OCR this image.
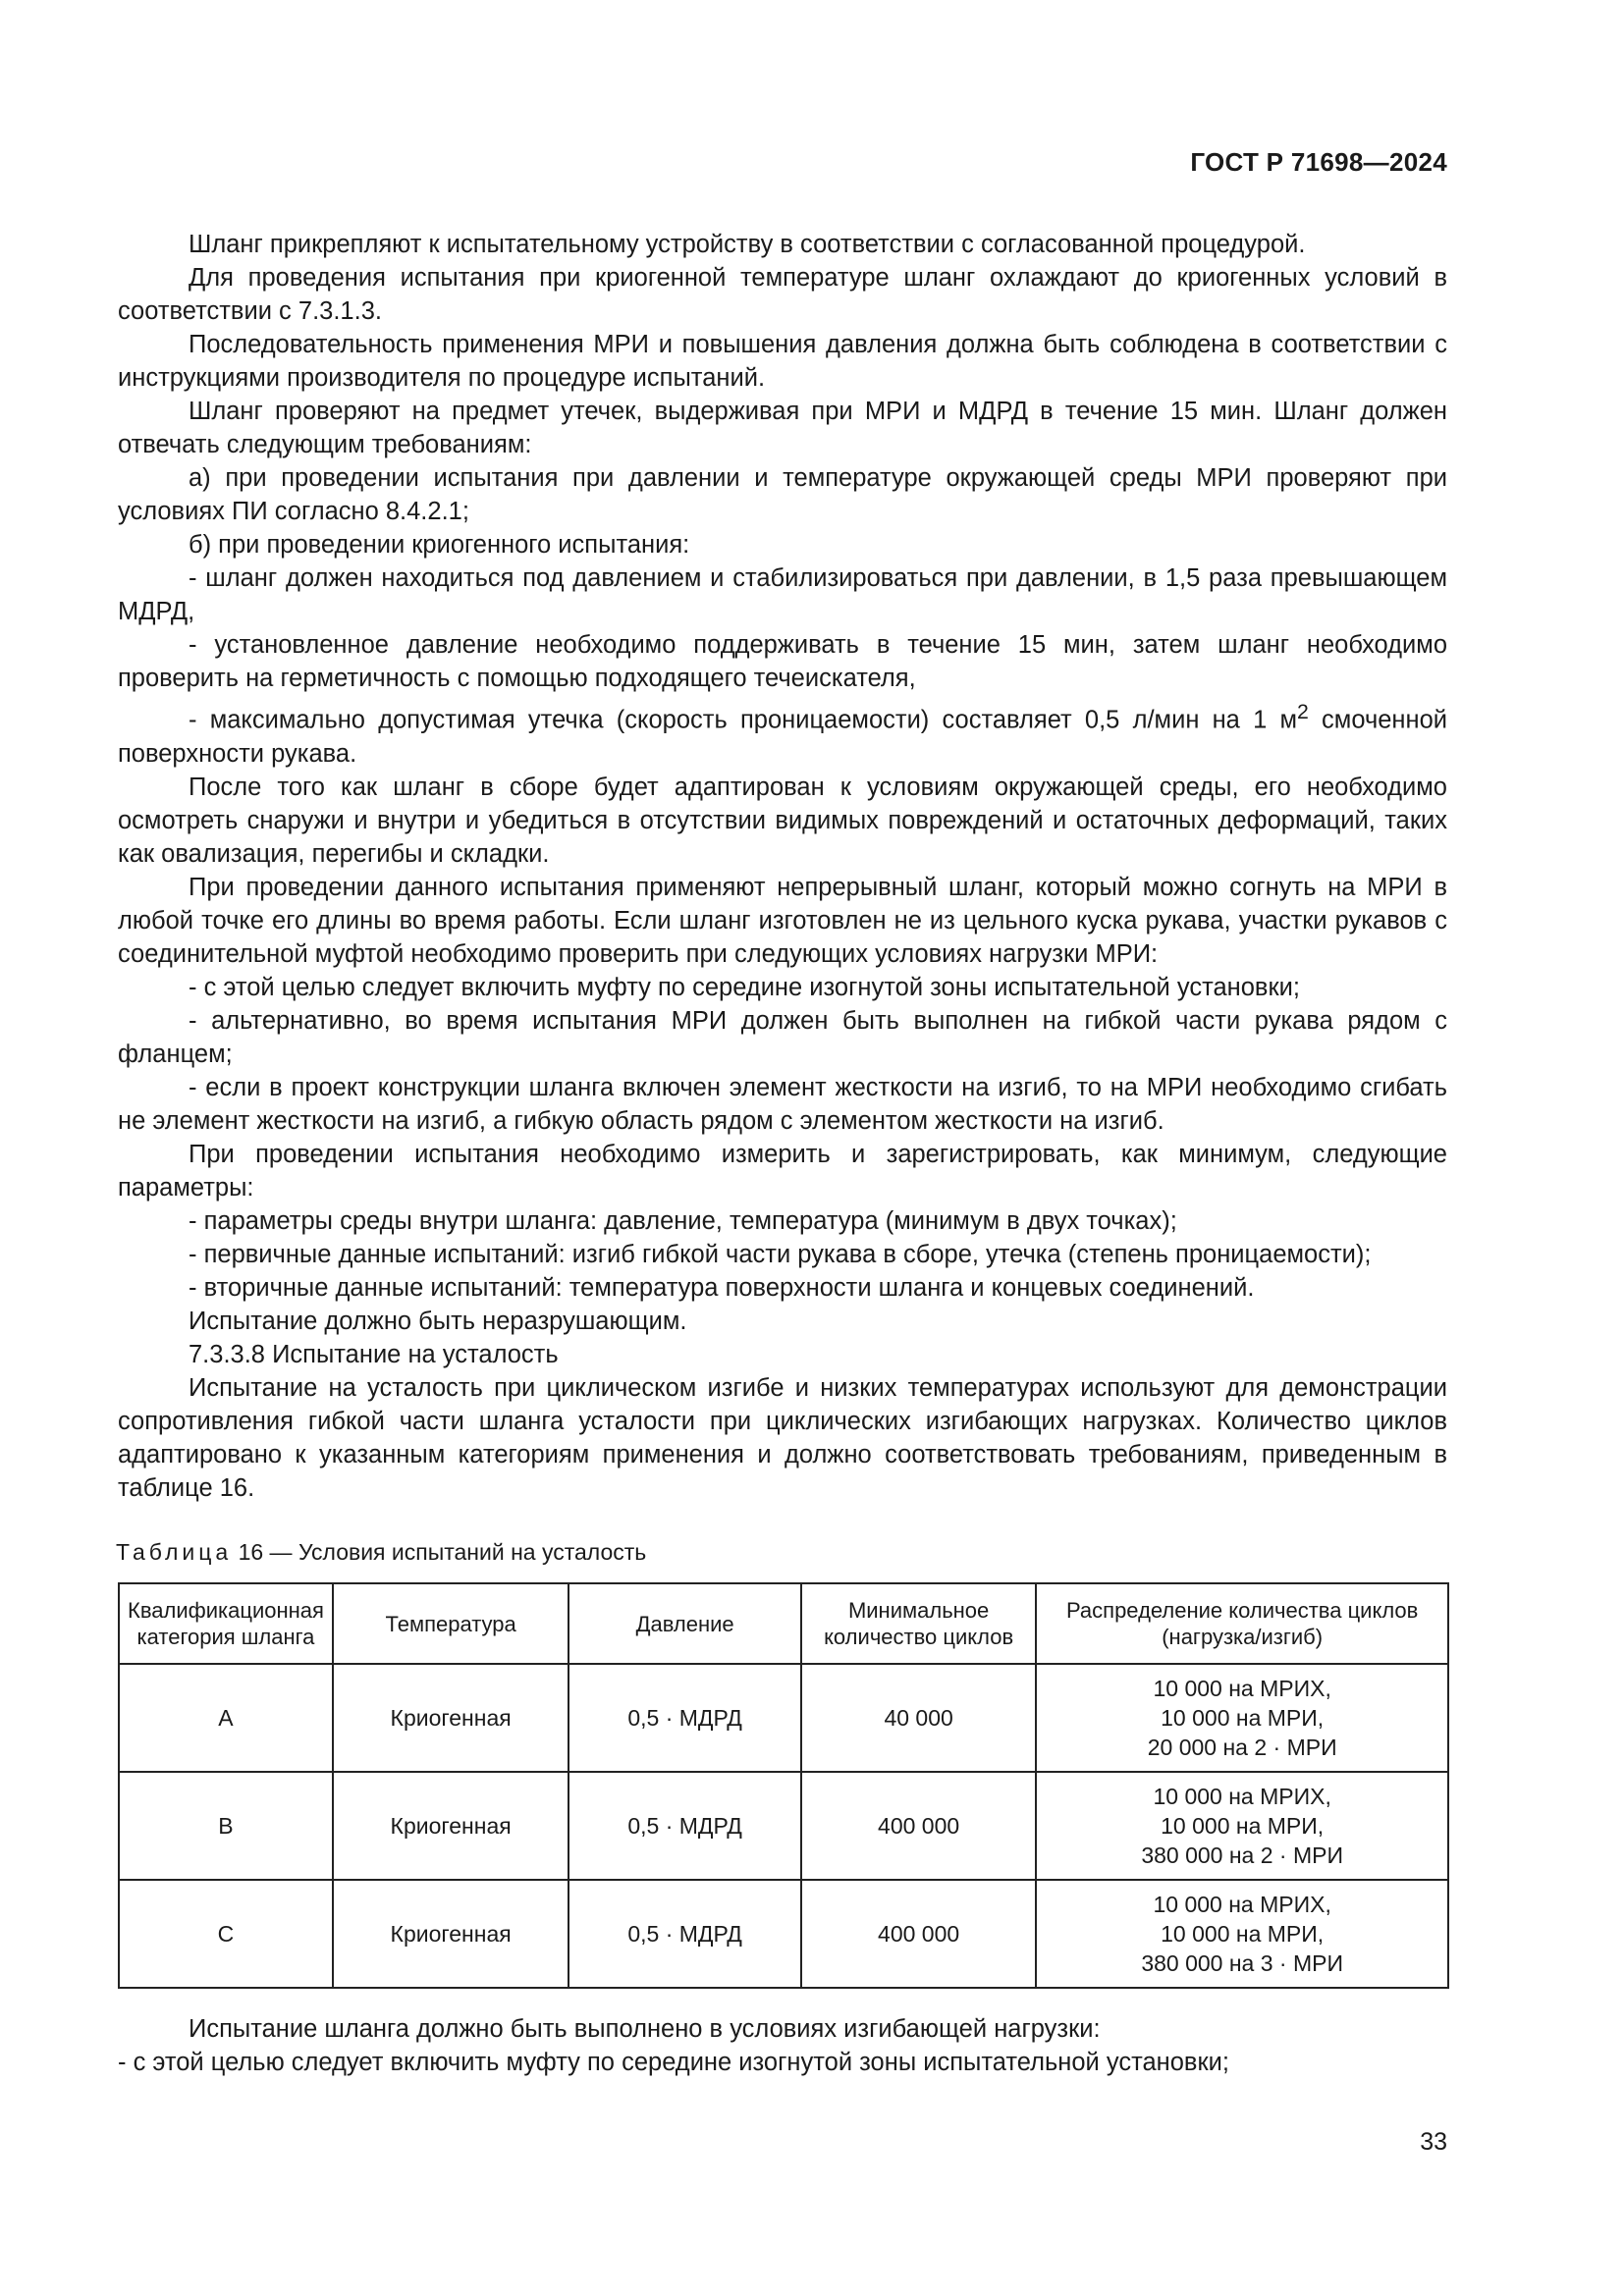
ГОСТ Р 71698—2024

Шланг прикрепляют к испытательному устройству в соответствии с согласованной процедурой.

Для проведения испытания при криогенной температуре шланг охлаждают до криогенных условий в соответствии с 7.3.1.3.

Последовательность применения МРИ и повышения давления должна быть соблюдена в соответствии с инструкциями производителя по процедуре испытаний.

Шланг проверяют на предмет утечек, выдерживая при МРИ и МДРД в течение 15 мин. Шланг должен отвечать следующим требованиям:

а) при проведении испытания при давлении и температуре окружающей среды МРИ проверяют при условиях ПИ согласно 8.4.2.1;

б) при проведении криогенного испытания:

- шланг должен находиться под давлением и стабилизироваться при давлении, в 1,5 раза превышающем МДРД,

- установленное давление необходимо поддерживать в течение 15 мин, затем шланг необходимо проверить на герметичность с помощью подходящего течеискателя,

- максимально допустимая утечка (скорость проницаемости) составляет 0,5 л/мин на 1 $м^2$ смоченной поверхности рукава.

После того как шланг в сборе будет адаптирован к условиям окружающей среды, его необходимо осмотреть снаружи и внутри и убедиться в отсутствии видимых повреждений и остаточных деформаций, таких как овализация, перегибы и складки.

При проведении данного испытания применяют непрерывный шланг, который можно согнуть на МРИ в любой точке его длины во время работы. Если шланг изготовлен не из цельного куска рукава, участки рукавов с соединительной муфтой необходимо проверить при следующих условиях нагрузки МРИ:

- с этой целью следует включить муфту по середине изогнутой зоны испытательной установки;

- альтернативно, во время испытания МРИ должен быть выполнен на гибкой части рукава рядом с фланцем;

- если в проект конструкции шланга включен элемент жесткости на изгиб, то на МРИ необходимо сгибать не элемент жесткости на изгиб, а гибкую область рядом с элементом жесткости на изгиб.

При проведении испытания необходимо измерить и зарегистрировать, как минимум, следующие параметры:

- параметры среды внутри шланга: давление, температура (минимум в двух точках);

- первичные данные испытаний: изгиб гибкой части рукава в сборе, утечка (степень проницаемости);

- вторичные данные испытаний: температура поверхности шланга и концевых соединений.

Испытание должно быть неразрушающим.

7.3.3.8 Испытание на усталость

Испытание на усталость при циклическом изгибе и низких температурах используют для демонстрации сопротивления гибкой части шланга усталости при циклических изгибающих нагрузках. Количество циклов адаптировано к указанным категориям применения и должно соответствовать требованиям, приведенным в таблице 16.

Таблица 16 — Условия испытаний на усталость
Квалификационная категория шланга	Температура	Давление	Минимальное количество циклов	Распределение количества циклов (нагрузка/изгиб)
A	Криогенная	0,5 · МДРД	40 000	10 000 на МРИХ,
10 000 на МРИ,
20 000 на 2 · МРИ

B	Криогенная	0,5 · МДРД	400 000	10 000 на МРИХ,
10 000 на МРИ,
380 000 на 2 · МРИ

C	Криогенная	0,5 · МДРД	400 000	10 000 на МРИХ,
10 000 на МРИ,
380 000 на 3 · МРИ

Испытание шланга должно быть выполнено в условиях изгибающей нагрузки:

- с этой целью следует включить муфту по середине изогнутой зоны испытательной установки;

33
